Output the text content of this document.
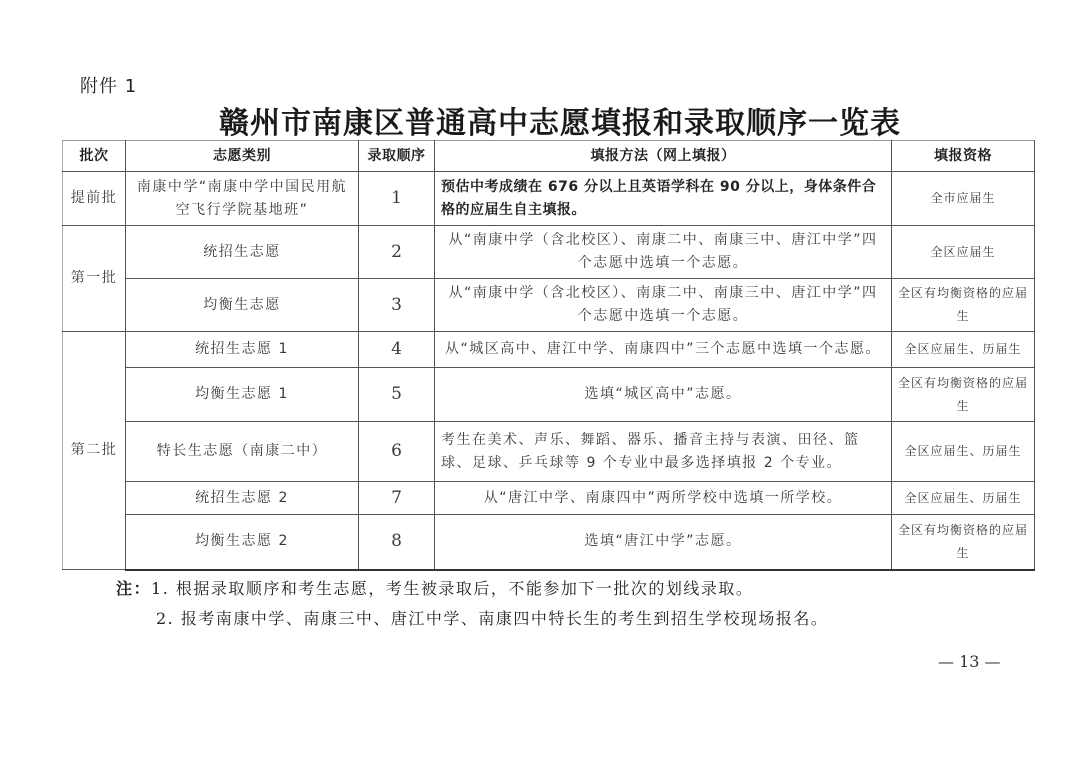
附件 1
赣州市南康区普通高中志愿填报和录取顺序一览表
批次	志愿类别	录取顺序	填报方法（网上填报）	填报资格
提前批	南康中学“南康中学中国民用航空飞行学院基地班”	1	预估中考成绩在 676 分以上且英语学科在 90 分以上，身体条件合格的应届生自主填报。	全市应届生
第一批	统招生志愿	2	从“南康中学（含北校区）、南康二中、南康三中、唐江中学”四个志愿中选填一个志愿。	全区应届生
	均衡生志愿	3	从“南康中学（含北校区）、南康二中、南康三中、唐江中学”四个志愿中选填一个志愿。	全区有均衡资格的应届生
第二批	统招生志愿 1	4	从“城区高中、唐江中学、南康四中”三个志愿中选填一个志愿。	全区应届生、历届生
	均衡生志愿 1	5	选填“城区高中”志愿。	全区有均衡资格的应届生
	特长生志愿（南康二中）	6	考生在美术、声乐、舞蹈、器乐、播音主持与表演、田径、篮球、足球、乒乓球等 9 个专业中最多选择填报 2 个专业。	全区应届生、历届生
	统招生志愿 2	7	从“唐江中学、南康四中”两所学校中选填一所学校。	全区应届生、历届生
	均衡生志愿 2	8	选填“唐江中学”志愿。	全区有均衡资格的应届生
注：1. 根据录取顺序和考生志愿，考生被录取后，不能参加下一批次的划线录取。
2. 报考南康中学、南康三中、唐江中学、南康四中特长生的考生到招生学校现场报名。
— 13 —
